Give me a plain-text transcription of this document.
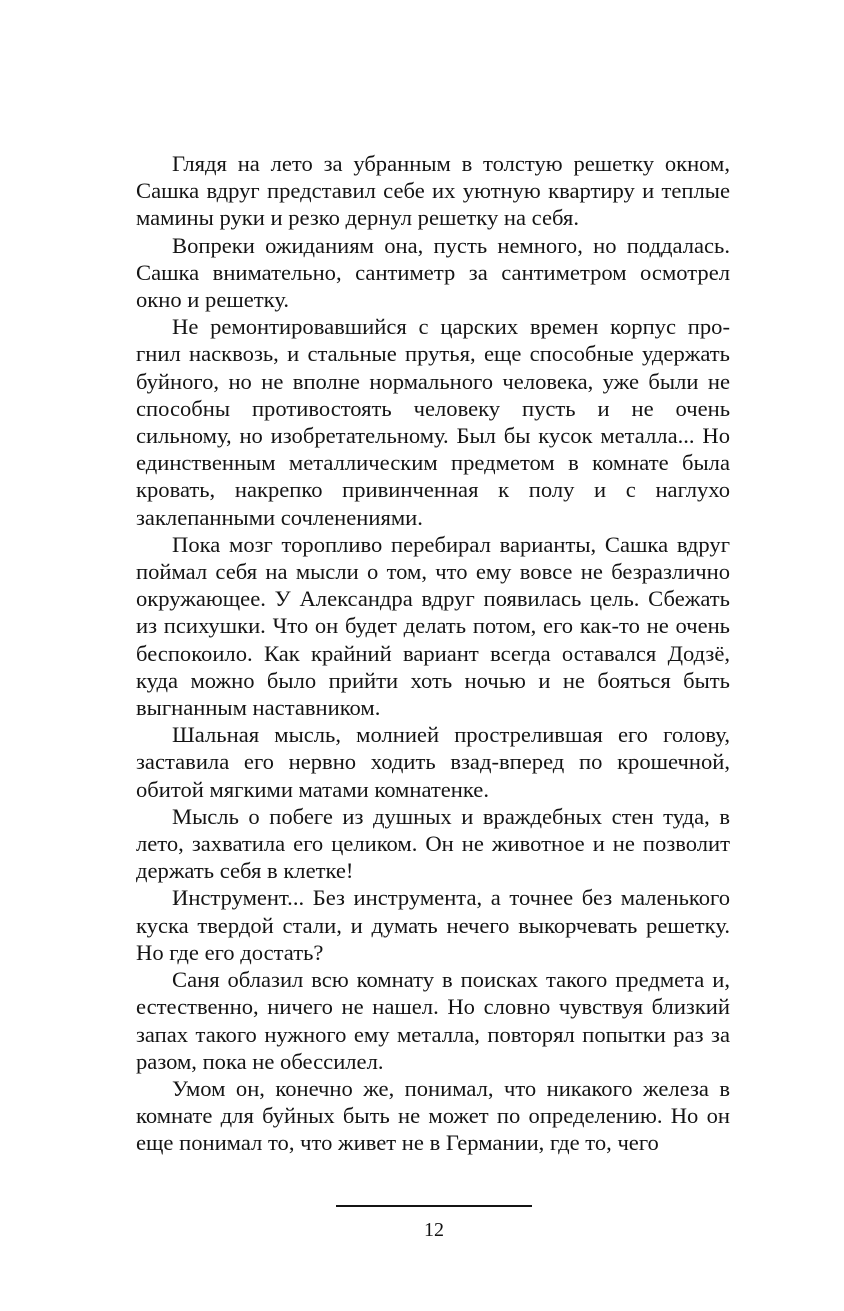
Глядя на лето за убранным в толстую решетку окном, Сашка вдруг представил себе их уютную квартиру и теплые мамины руки и резко дернул решетку на себя.

Вопреки ожиданиям она, пусть немного, но поддалась. Сашка внимательно, сантиметр за сантиметром осмотрел окно и решетку.

Не ремонтировавшийся с царских времен корпус прогнил насквозь, и стальные прутья, еще способные удержать буйного, но не вполне нормального человека, уже были не способны противостоять человеку пусть и не очень сильному, но изобретательному. Был бы кусок металла... Но единственным металлическим предметом в комнате была кровать, накрепко привинченная к полу и с наглухо заклепанными сочленениями.

Пока мозг торопливо перебирал варианты, Сашка вдруг поймал себя на мысли о том, что ему вовсе не безразлично окружающее. У Александра вдруг появилась цель. Сбежать из психушки. Что он будет делать потом, его как-то не очень беспокоило. Как крайний вариант всегда оставался Додзё, куда можно было прийти хоть ночью и не бояться быть выгнанным наставником.

Шальная мысль, молнией прострелившая его голову, заставила его нервно ходить взад-вперед по крошечной, обитой мягкими матами комнатенке.

Мысль о побеге из душных и враждебных стен туда, в лето, захватила его целиком. Он не животное и не позволит держать себя в клетке!

Инструмент... Без инструмента, а точнее без маленького куска твердой стали, и думать нечего выкорчевать решетку. Но где его достать?

Саня облазил всю комнату в поисках такого предмета и, естественно, ничего не нашел. Но словно чувствуя близкий запах такого нужного ему металла, повторял попытки раз за разом, пока не обессилел.

Умом он, конечно же, понимал, что никакого железа в комнате для буйных быть не может по определению. Но он еще понимал то, что живет не в Германии, где то, чего

12
